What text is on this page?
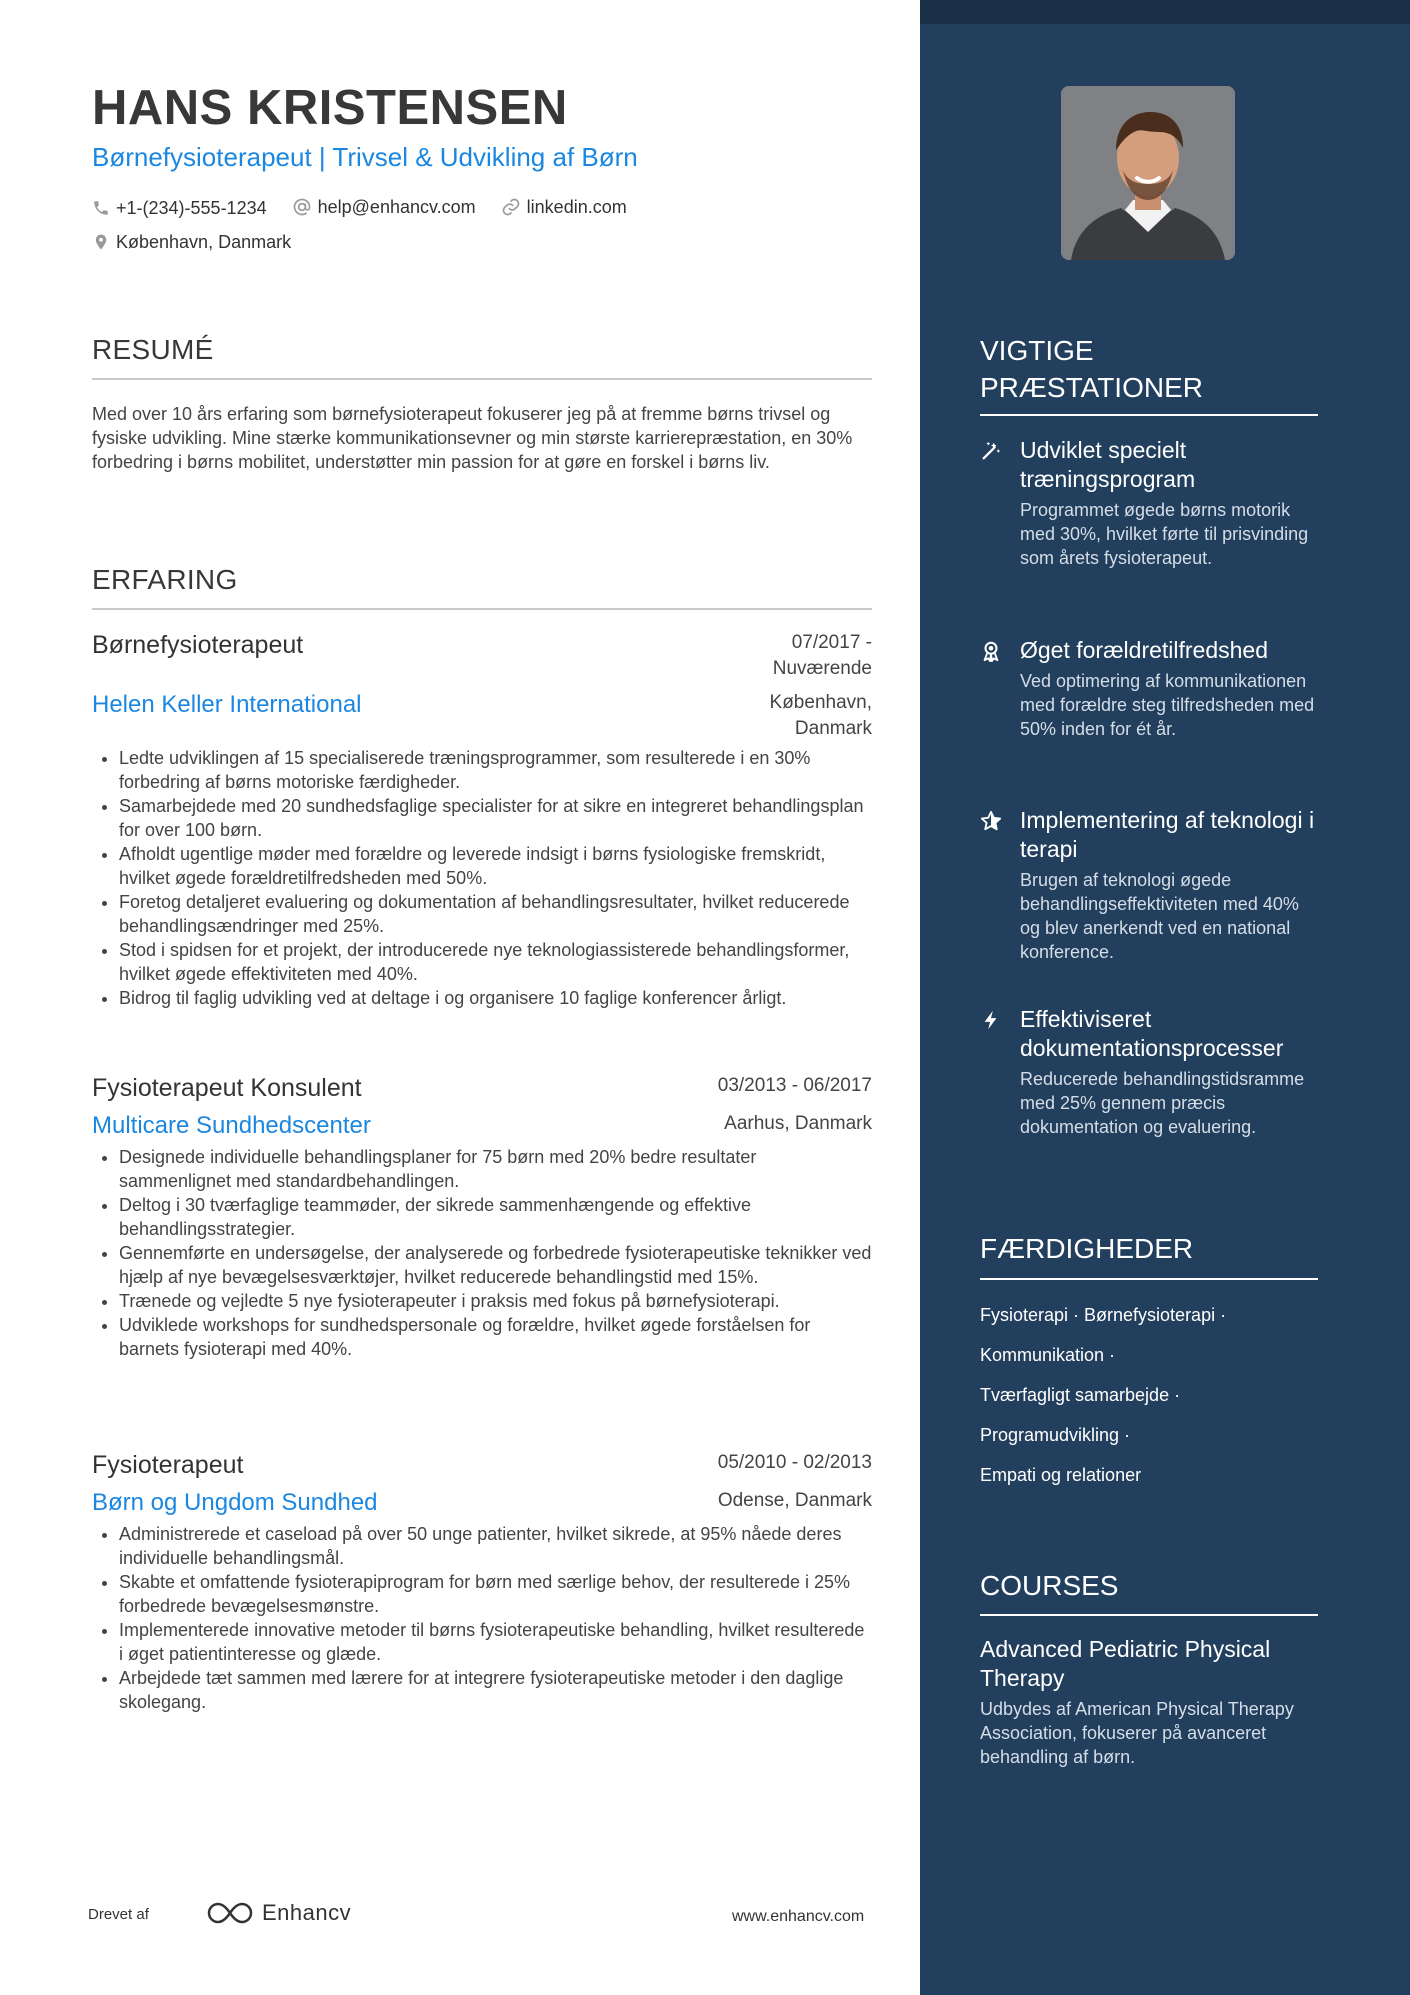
HANS KRISTENSEN
Børnefysioterapeut | Trivsel & Udvikling af Børn
+1-(234)-555-1234
	help@enhancv.com
	linkedin.com

København, Danmark
RESUMÉ

Med over 10 års erfaring som børnefysioterapeut fokuserer jeg på at fremme børns trivsel og fysiske udvikling. Mine stærke kommunikationsevner og min største karrierepræstation, en 30% forbedring i børns mobilitet, understøtter min passion for at gøre en forskel i børns liv.

ERFARING
Børnefysioterapeut	07/2017 -
Nuværende
Helen Keller International	København,
Danmark
• Ledte udviklingen af 15 specialiserede træningsprogrammer, som resulterede i en 30% forbedring af børns motoriske færdigheder.
• Samarbejdede med 20 sundhedsfaglige specialister for at sikre en integreret behandlingsplan for over 100 børn.
• Afholdt ugentlige møder med forældre og leverede indsigt i børns fysiologiske fremskridt, hvilket øgede forældretilfredsheden med 50%.
• Foretog detaljeret evaluering og dokumentation af behandlingsresultater, hvilket reducerede behandlingsændringer med 25%.
• Stod i spidsen for et projekt, der introducerede nye teknologiassisterede behandlingsformer, hvilket øgede effektiviteten med 40%.
• Bidrog til faglig udvikling ved at deltage i og organisere 10 faglige konferencer årligt.
Fysioterapeut Konsulent	03/2013 - 06/2017
Multicare Sundhedscenter	Aarhus, Danmark
• Designede individuelle behandlingsplaner for 75 børn med 20% bedre resultater sammenlignet med standardbehandlingen.
• Deltog i 30 tværfaglige teammøder, der sikrede sammenhængende og effektive behandlingsstrategier.
• Gennemførte en undersøgelse, der analyserede og forbedrede fysioterapeutiske teknikker ved hjælp af nye bevægelsesværktøjer, hvilket reducerede behandlingstid med 15%.
• Trænede og vejledte 5 nye fysioterapeuter i praksis med fokus på børnefysioterapi.
• Udviklede workshops for sundhedspersonale og forældre, hvilket øgede forståelsen for barnets fysioterapi med 40%.
Fysioterapeut	05/2010 - 02/2013
Børn og Ungdom Sundhed	Odense, Danmark
• Administrerede et caseload på over 50 unge patienter, hvilket sikrede, at 95% nåede deres individuelle behandlingsmål.
• Skabte et omfattende fysioterapiprogram for børn med særlige behov, der resulterede i 25% forbedrede bevægelsesmønstre.
• Implementerede innovative metoder til børns fysioterapeutiske behandling, hvilket resulterede i øget patientinteresse og glæde.
• Arbejdede tæt sammen med lærere for at integrere fysioterapeutiske metoder i den daglige skolegang.
Drevet af	Enhancv	www.enhancv.com
VIGTIGE
PRÆSTATIONER
Udviklet specielt træningsprogram
Programmet øgede børns motorik med 30%, hvilket førte til prisvinding som årets fysioterapeut.
Øget forældretilfredshed
Ved optimering af kommunikationen med forældre steg tilfredsheden med 50% inden for ét år.
Implementering af teknologi i terapi
Brugen af teknologi øgede behandlingseffektiviteten med 40% og blev anerkendt ved en national konference.
Effektiviseret dokumentationsprocesser
Reducerede behandlingstidsramme med 25% gennem præcis dokumentation og evaluering.
FÆRDIGHEDER
Fysioterapi · Børnefysioterapi ·
Kommunikation ·
Tværfagligt samarbejde ·
Programudvikling ·
Empati og relationer
COURSES
Advanced Pediatric Physical Therapy
Udbydes af American Physical Therapy Association, fokuserer på avanceret behandling af børn.
